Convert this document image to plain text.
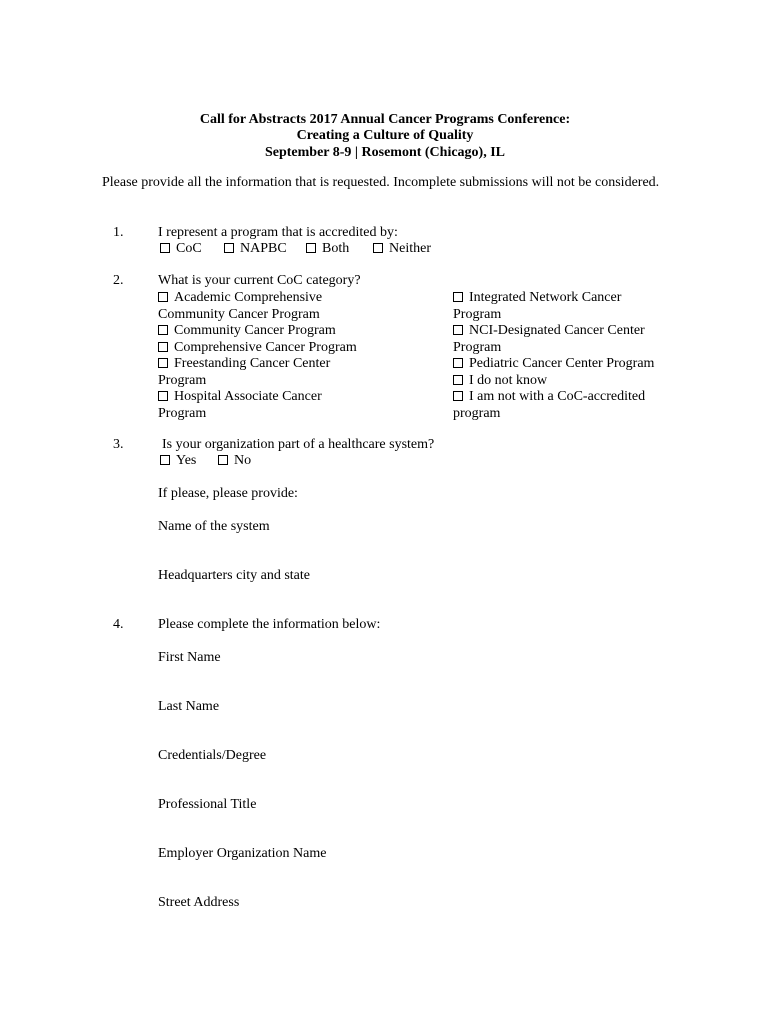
Call for Abstracts 2017 Annual Cancer Programs Conference:
Creating a Culture of Quality
September 8-9 | Rosemont (Chicago), IL
Please provide all the information that is requested. Incomplete submissions will not be considered.
1. I represent a program that is accredited by:
CoC	NAPBC	Both	Neither
2. What is your current CoC category?
Academic Comprehensive
Community Cancer Program
Community Cancer Program
Comprehensive Cancer Program
Freestanding Cancer Center
Program
Hospital Associate Cancer
Program
Integrated Network Cancer
Program
NCI-Designated Cancer Center
Program
Pediatric Cancer Center Program
I do not know
I am not with a CoC-accredited
program
3.	Is your organization part of a healthcare system?
Yes	No
If please, please provide:
Name of the system
Headquarters city and state
4. Please complete the information below:
First Name
Last Name
Credentials/Degree
Professional Title
Employer Organization Name
Street Address
